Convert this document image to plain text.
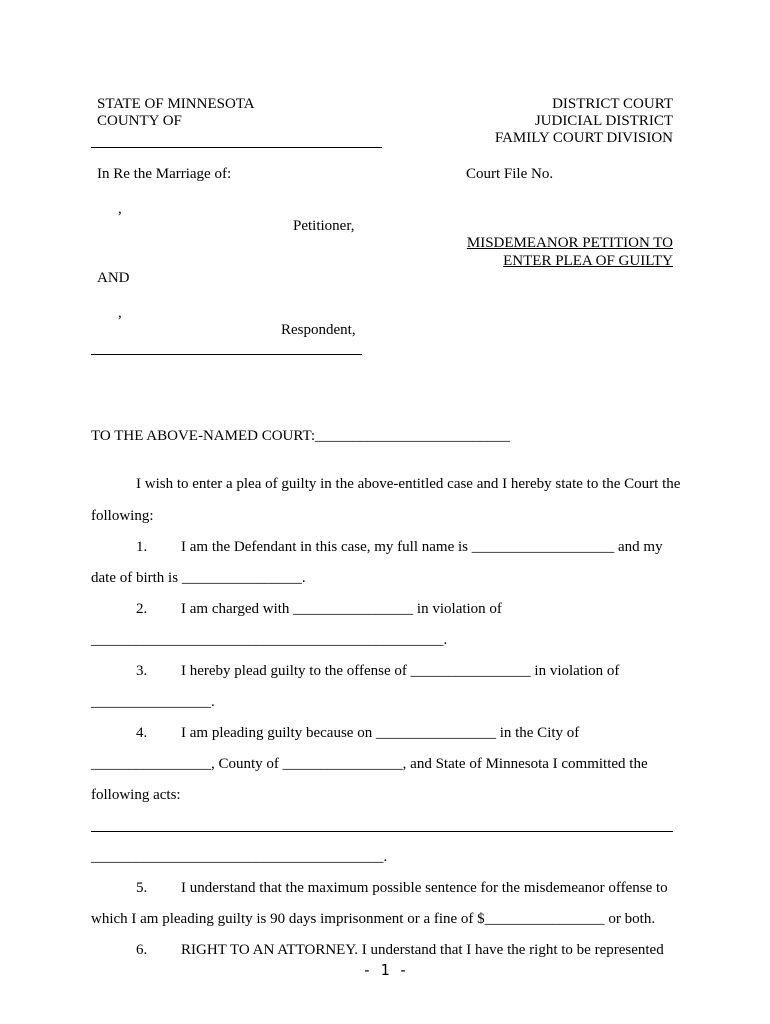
STATE OF MINNESOTA
COUNTY OF
DISTRICT COURT
JUDICIAL DISTRICT
FAMILY COURT DIVISION
In Re the Marriage of:	Court File No.
,
Petitioner,
MISDEMEANOR PETITION TO
ENTER PLEA OF GUILTY
AND
,
Respondent,
TO THE ABOVE-NAMED COURT:__________________________
I wish to enter a plea of guilty in the above-entitled case and I hereby state to the Court the
following:
1. I am the Defendant in this case, my full name is ___________________ and my
date of birth is ________________.
2. I am charged with ________________ in violation of
_______________________________________________.
3. I hereby plead guilty to the offense of ________________ in violation of
________________.
4. I am pleading guilty because on ________________ in the City of
________________, County of ________________, and State of Minnesota I committed the
following acts:
_______________________________________.
5. I understand that the maximum possible sentence for the misdemeanor offense to
which I am pleading guilty is 90 days imprisonment or a fine of $________________ or both.
6. RIGHT TO AN ATTORNEY. I understand that I have the right to be represented
- 1 -
